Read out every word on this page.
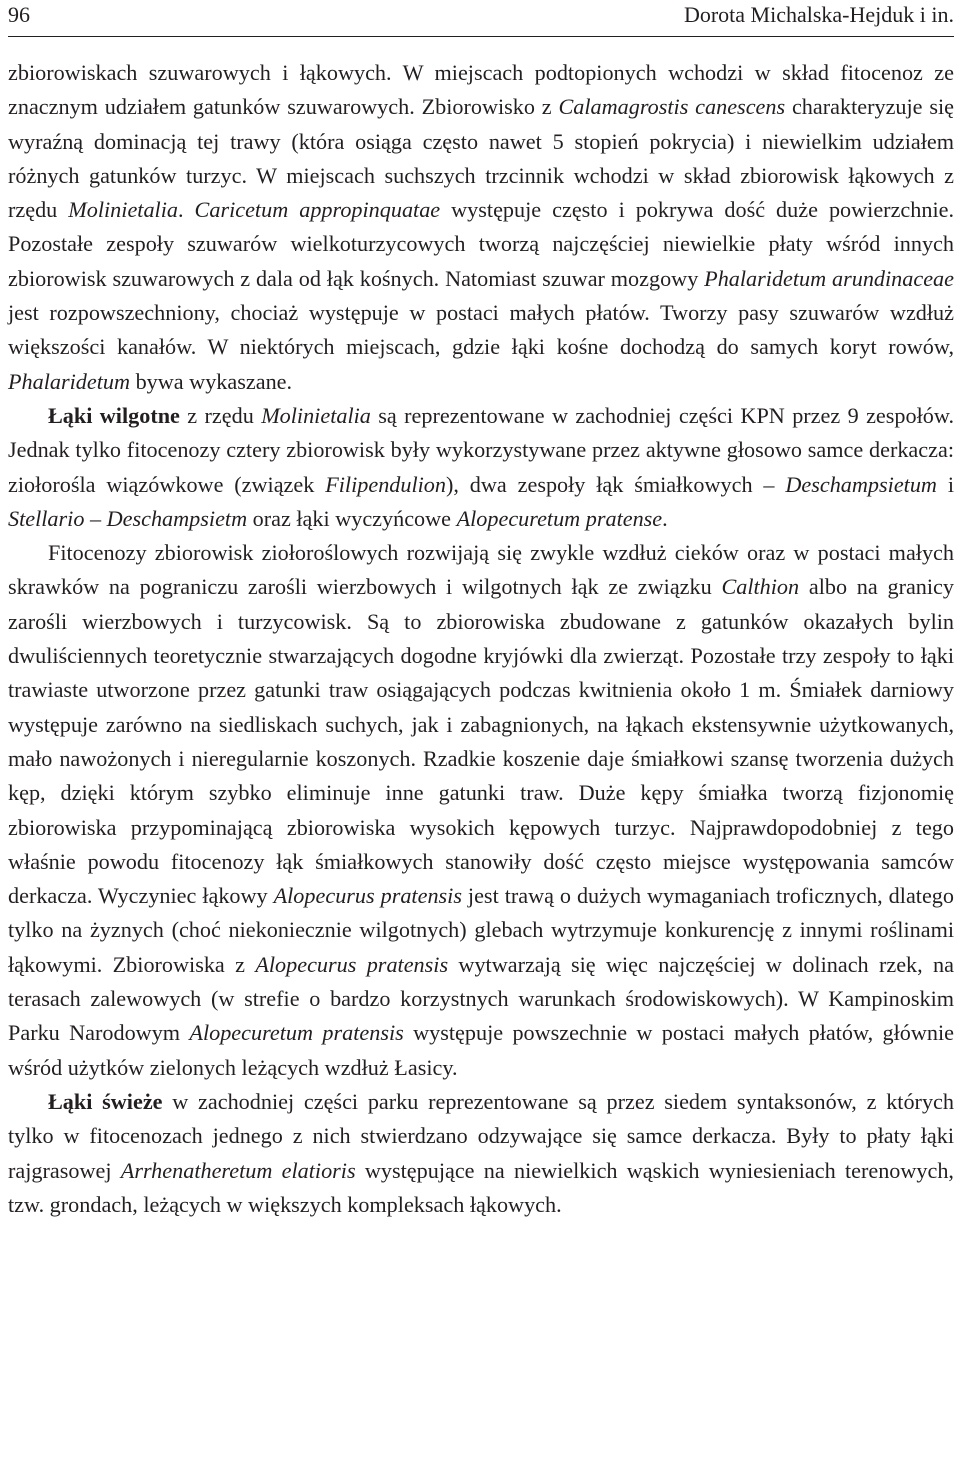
96	Dorota Michalska-Hejduk i in.

zbiorowiskach szuwarowych i łąkowych. W miejscach podtopionych wchodzi w skład fitocenoz ze znacznym udziałem gatunków szuwarowych. Zbiorowisko z Calamagrostis canescens charakteryzuje się wyraźną dominacją tej trawy (która osiąga często nawet 5 stopień pokrycia) i niewielkim udziałem różnych gatunków turzyc. W miejscach suchszych trzcinnik wchodzi w skład zbiorowisk łąkowych z rzędu Molinietalia. Caricetum appropinquatae występuje często i pokrywa dość duże powierzchnie. Pozostałe zespoły szuwarów wielkoturzycowych tworzą najczęściej niewielkie płaty wśród innych zbiorowisk szuwarowych z dala od łąk kośnych. Natomiast szuwar mozgowy Phalaridetum arundinaceae jest rozpowszechniony, chociaż występuje w postaci małych płatów. Tworzy pasy szuwarów wzdłuż większości kanałów. W niektórych miejscach, gdzie łąki kośne dochodzą do samych koryt rowów, Phalaridetum bywa wykaszane.

Łąki wilgotne z rzędu Molinietalia są reprezentowane w zachodniej części KPN przez 9 zespołów. Jednak tylko fitocenozy cztery zbiorowisk były wykorzystywane przez aktywne głosowo samce derkacza: ziołorośla wiązówkowe (związek Filipendulion), dwa zespoły łąk śmiałkowych – Deschampsietum i Stellario – Deschampsietm oraz łąki wyczyńcowe Alopecuretum pratense.

Fitocenozy zbiorowisk ziołoroślowych rozwijają się zwykle wzdłuż cieków oraz w postaci małych skrawków na pograniczu zarośli wierzbowych i wilgotnych łąk ze związku Calthion albo na granicy zarośli wierzbowych i turzycowisk. Są to zbiorowiska zbudowane z gatunków okazałych bylin dwuliściennych teoretycznie stwarzających dogodne kryjówki dla zwierząt. Pozostałe trzy zespoły to łąki trawiaste utworzone przez gatunki traw osiągających podczas kwitnienia około 1 m. Śmiałek darniowy występuje zarówno na siedliskach suchych, jak i zabagnionych, na łąkach ekstensywnie użytkowanych, mało nawożonych i nieregularnie koszonych. Rzadkie koszenie daje śmiałkowi szansę tworzenia dużych kęp, dzięki którym szybko eliminuje inne gatunki traw. Duże kępy śmiałka tworzą fizjonomię zbiorowiska przypominającą zbiorowiska wysokich kępowych turzyc. Najprawdopodobniej z tego właśnie powodu fitocenozy łąk śmiałkowych stanowiły dość często miejsce występowania samców derkacza. Wyczyniec łąkowy Alopecurus pratensis jest trawą o dużych wymaganiach troficznych, dlatego tylko na żyznych (choć niekoniecznie wilgotnych) glebach wytrzymuje konkurencję z innymi roślinami łąkowymi. Zbiorowiska z Alopecurus pratensis wytwarzają się więc najczęściej w dolinach rzek, na terasach zalewowych (w strefie o bardzo korzystnych warunkach środowiskowych). W Kampinoskim Parku Narodowym Alopecuretum pratensis występuje powszechnie w postaci małych płatów, głównie wśród użytków zielonych leżących wzdłuż Łasicy.

Łąki świeże w zachodniej części parku reprezentowane są przez siedem syntaksonów, z których tylko w fitocenozach jednego z nich stwierdzano odzywające się samce derkacza. Były to płaty łąki rajgrasowej Arrhenatheretum elatioris występujące na niewielkich wąskich wyniesieniach terenowych, tzw. grondach, leżących w większych kompleksach łąkowych.
